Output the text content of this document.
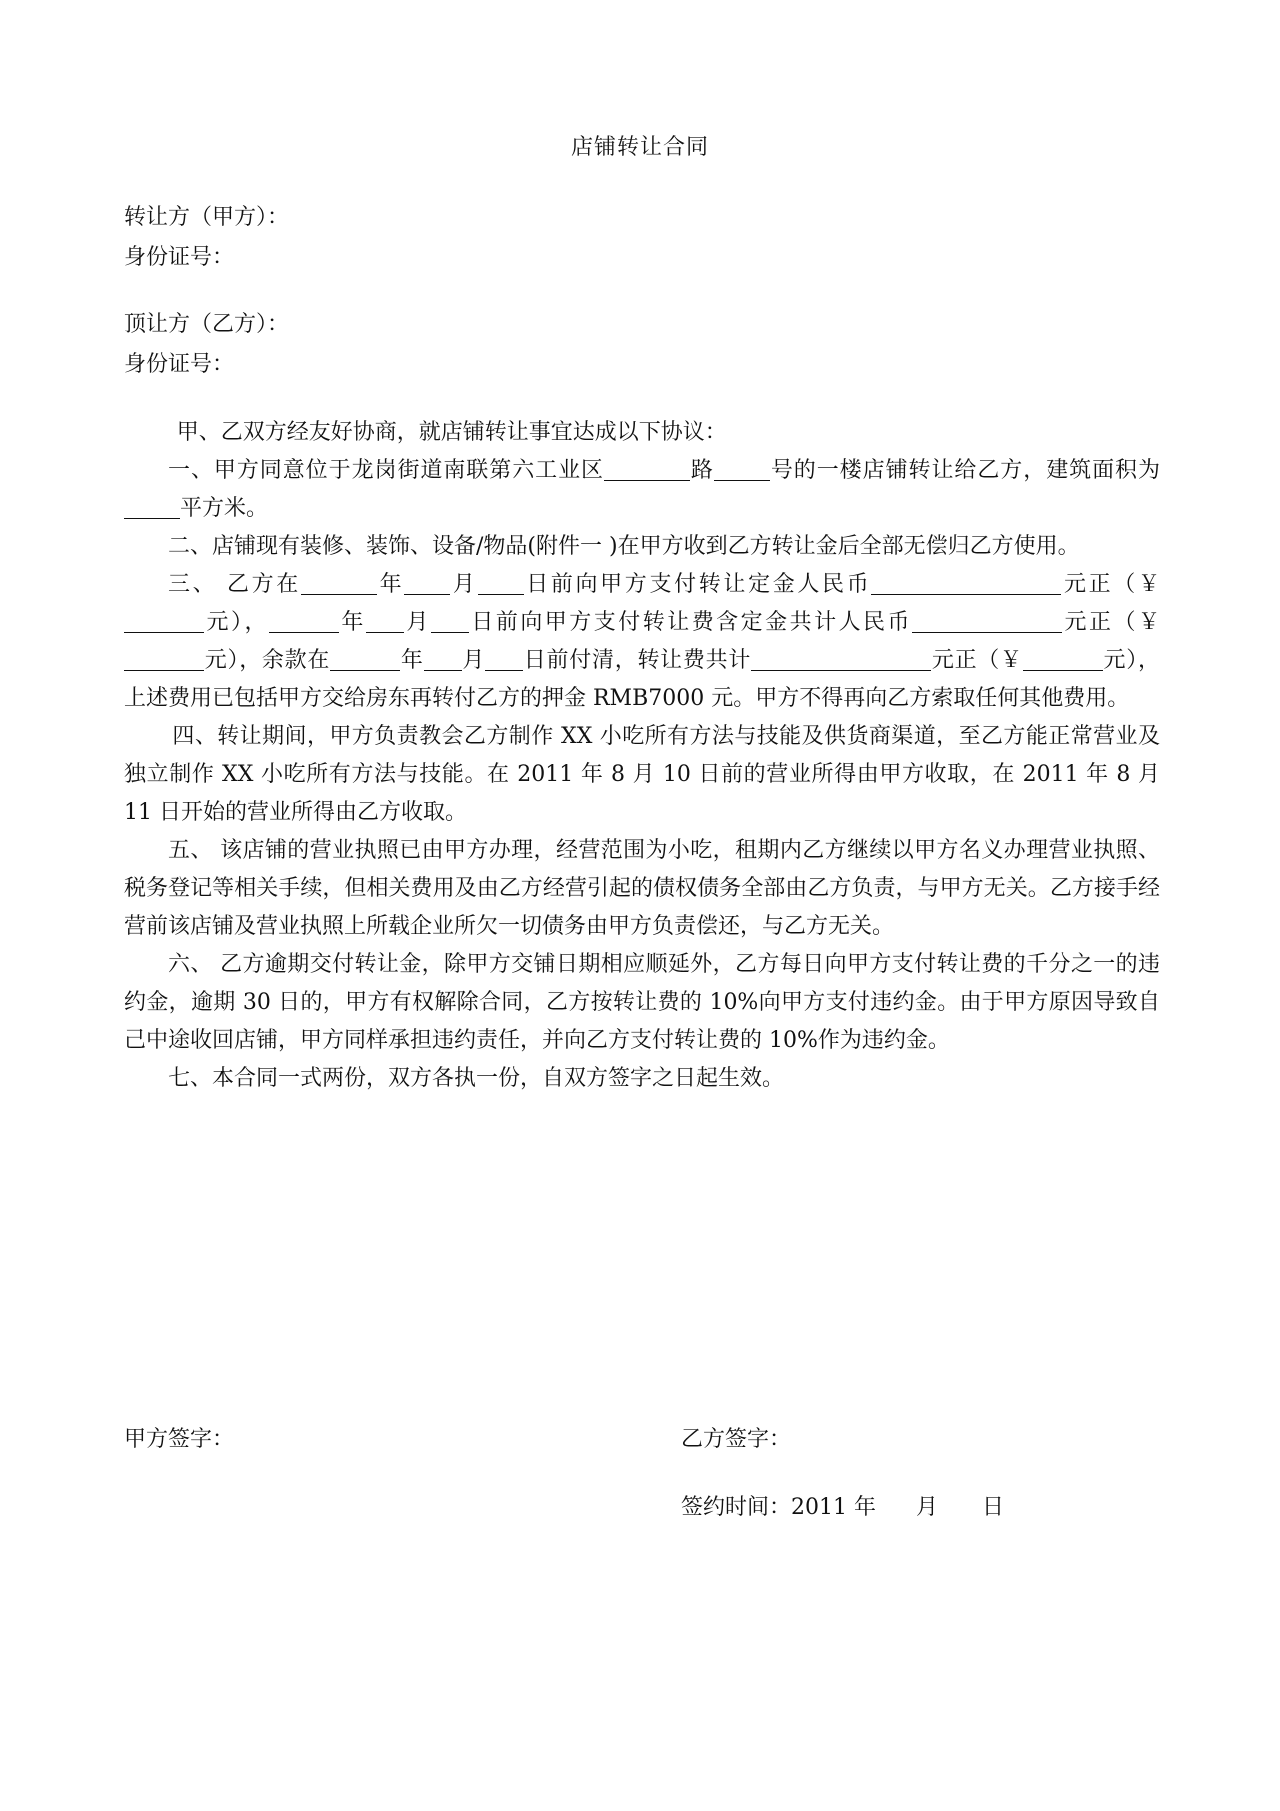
店铺转让合同
转让方（甲方）：
身份证号：
顶让方（乙方）：
身份证号：

甲、乙双方经友好协商，就店铺转让事宜达成以下协议：

一、甲方同意位于龙岗街道南联第六工业区	路	号的一楼店铺转让给乙方，建筑面积为平方米。

二、店铺现有装修、装饰、设备/物品(附件一 )在甲方收到乙方转让金后全部无偿归乙方使用。

三、 乙方在	年 月 日前向甲方支付转让定金人民币	元正（￥元），	年 月 日前向甲方支付转让费含定金共计人民币	元正（￥元），余款在	年 月 日前付清，转让费共计	元正（￥	元），上述费用已包括甲方交给房东再转付乙方的押金 RMB7000 元。甲方不得再向乙方索取任何其他费用。

四、转让期间，甲方负责教会乙方制作 XX 小吃所有方法与技能及供货商渠道，至乙方能正常营业及独立制作 XX 小吃所有方法与技能。在 2011 年 8 月 10 日前的营业所得由甲方收取，在 2011 年 8 月 11 日开始的营业所得由乙方收取。

五、 该店铺的营业执照已由甲方办理，经营范围为小吃，租期内乙方继续以甲方名义办理营业执照、税务登记等相关手续，但相关费用及由乙方经营引起的债权债务全部由乙方负责，与甲方无关。乙方接手经营前该店铺及营业执照上所载企业所欠一切债务由甲方负责偿还，与乙方无关。

六、 乙方逾期交付转让金，除甲方交铺日期相应顺延外，乙方每日向甲方支付转让费的千分之一的违约金，逾期 30 日的，甲方有权解除合同，乙方按转让费的 10%向甲方支付违约金。由于甲方原因导致自己中途收回店铺，甲方同样承担违约责任，并向乙方支付转让费的 10%作为违约金。

七、本合同一式两份，双方各执一份，自双方签字之日起生效。

甲方签字：	乙方签字：
签约时间：2011 年 月 日
